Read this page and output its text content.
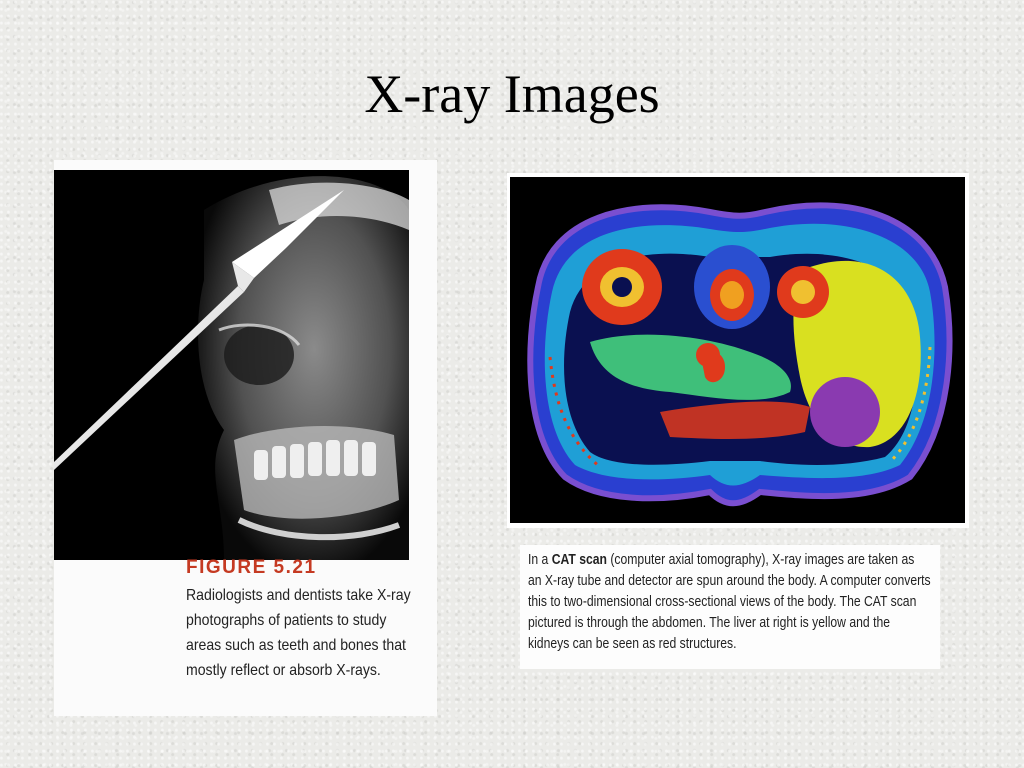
X-ray Images
FIGURE 5.21
Radiologists and dentists take X-ray photographs of patients to study areas such as teeth and bones that mostly reflect or absorb X-rays.
In a CAT scan (computer axial tomography), X-ray images are taken as an X-ray tube and detector are spun around the body. A computer converts this to two-dimensional cross-sectional views of the body. The CAT scan pictured is through the abdomen. The liver at right is yellow and the kidneys can be seen as red structures.
